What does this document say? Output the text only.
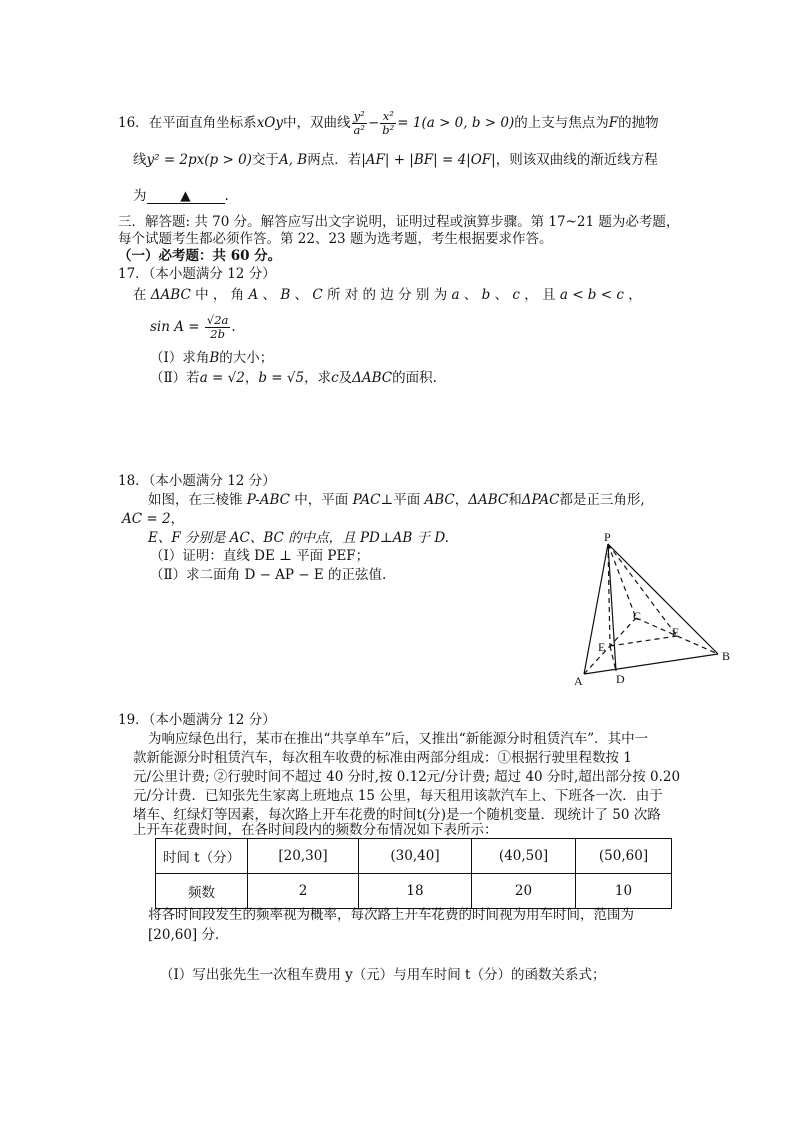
16．在平面直角坐标系xOy中，双曲线 $\frac{\text{y²}}{\text{a²}} - \frac{\text{x²}}{\text{b²}} = 1(a > 0$, b > 0)的上支与焦点为F的抛物
线y² = 2px(p > 0)交于A, B两点．若|AF| + |BF| = 4|OF|，则该双曲线的渐近线方程
为	▲	.
三．解答题: 共 70 分。解答应写出文字说明，证明过程或演算步骤。第 17~21 题为必考题，
每个试题考生都必须作答。第 22、23 题为选考题，考生根据要求作答。
（一）必考题：共 60 分。
17．（本小题满分 12 分）
在 ΔABC 中 ， 角 A 、 B 、 C 所 对 的 边 分 别 为 a 、 b 、 c ， 且 a < b < c ，
$\sin A = \frac{√2a}{2b}$ .
（Ⅰ）求角B的大小；
（Ⅱ）若a = √2，b = √5，求c及ΔABC的面积.
18．（本小题满分 12 分）
如图，在三棱锥 P-ABC 中，平面 PAC⊥平面 ABC，ΔABC和ΔPAC都是正三角形,
AC = 2，
E、F 分别是 AC、BC 的中点，且 PD⊥AB 于 D.
（Ⅰ）证明：直线 DE ⊥ 平面 PEF；
（Ⅱ）求二面角 D − AP − E 的正弦值.
P
A
B
C
D
E
F
19．（本小题满分 12 分）
为响应绿色出行，某市在推出“共享单车”后，又推出“新能源分时租赁汽车”．其中一
款新能源分时租赁汽车，每次租车收费的标准由两部分组成：①根据行驶里程数按 1
元/公里计费; ②行驶时间不超过 40 分时,按 0.12元/分计费; 超过 40 分时,超出部分按 0.20
元/分计费．已知张先生家离上班地点 15 公里，每天租用该款汽车上、下班各一次．由于
堵车、红绿灯等因素，每次路上开车花费的时间t(分)是一个随机变量．现统计了 50 次路
上开车花费时间，在各时间段内的频数分布情况如下表所示：
时间 t（分）	[20,30]	(30,40]	(40,50]	(50,60]
频数	2	18	20	10
将各时间段发生的频率视为概率，每次路上开车花费的时间视为用车时间，范围为
[20,60] 分．
（Ⅰ）写出张先生一次租车费用 y（元）与用车时间 t（分）的函数关系式；
